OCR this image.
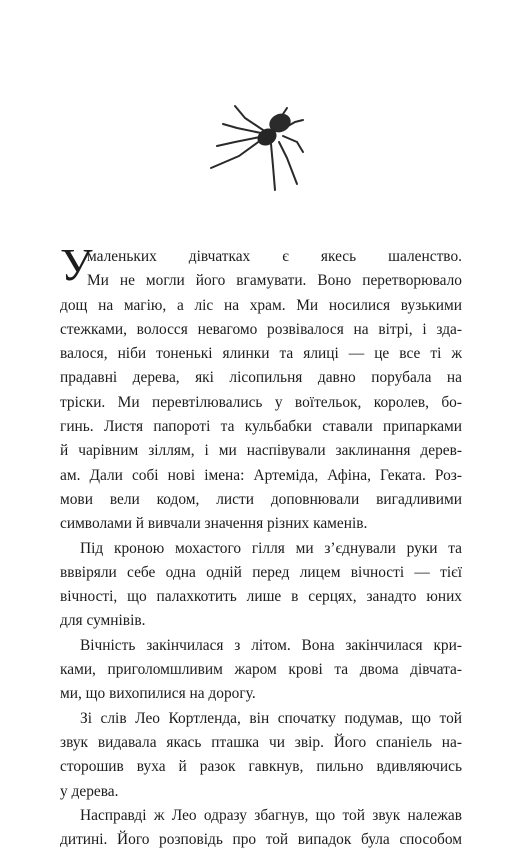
У
маленьких дівчатках є якесь шаленство.
Ми не могли його вгамувати. Воно перетворювало
дощ на магію, а ліс на храм. Ми носилися вузькими
стежками, волосся невагомо розвівалося на вітрі, і зда-
валося, ніби тоненькі ялинки та ялиці — це все ті ж
прадавні дерева, які лісопильня давно порубала на
тріски. Ми перевтілювались у воїтельок, королев, бо-
гинь. Листя папороті та кульбабки ставали припарками
й чарівним зіллям, і ми наспівували заклинання дерев-
ам. Дали собі нові імена: Артеміда, Афіна, Геката. Роз-
мови вели кодом, листи доповнювали вигадливими
символами й вивчали значення різних каменів.
Під кроною мохастого гілля ми з’єднували руки та
вввіряли себе одна одній перед лицем вічності — тієї
вічності, що палахкотить лише в серцях, занадто юних
для сумнівів.
Вічність закінчилася з літом. Вона закінчилася кри-
ками, приголомшливим жаром крові та двома дівчата-
ми, що вихопилися на дорогу.
Зі слів Лео Кортленда, він спочатку подумав, що той
звук видавала якась пташка чи звір. Його спаніель на-
сторошив вуха й разок гавкнув, пильно вдивляючись
у дерева.
Насправді ж Лео одразу збагнув, що той звук належав
дитині. Його розповідь про той випадок була способом
